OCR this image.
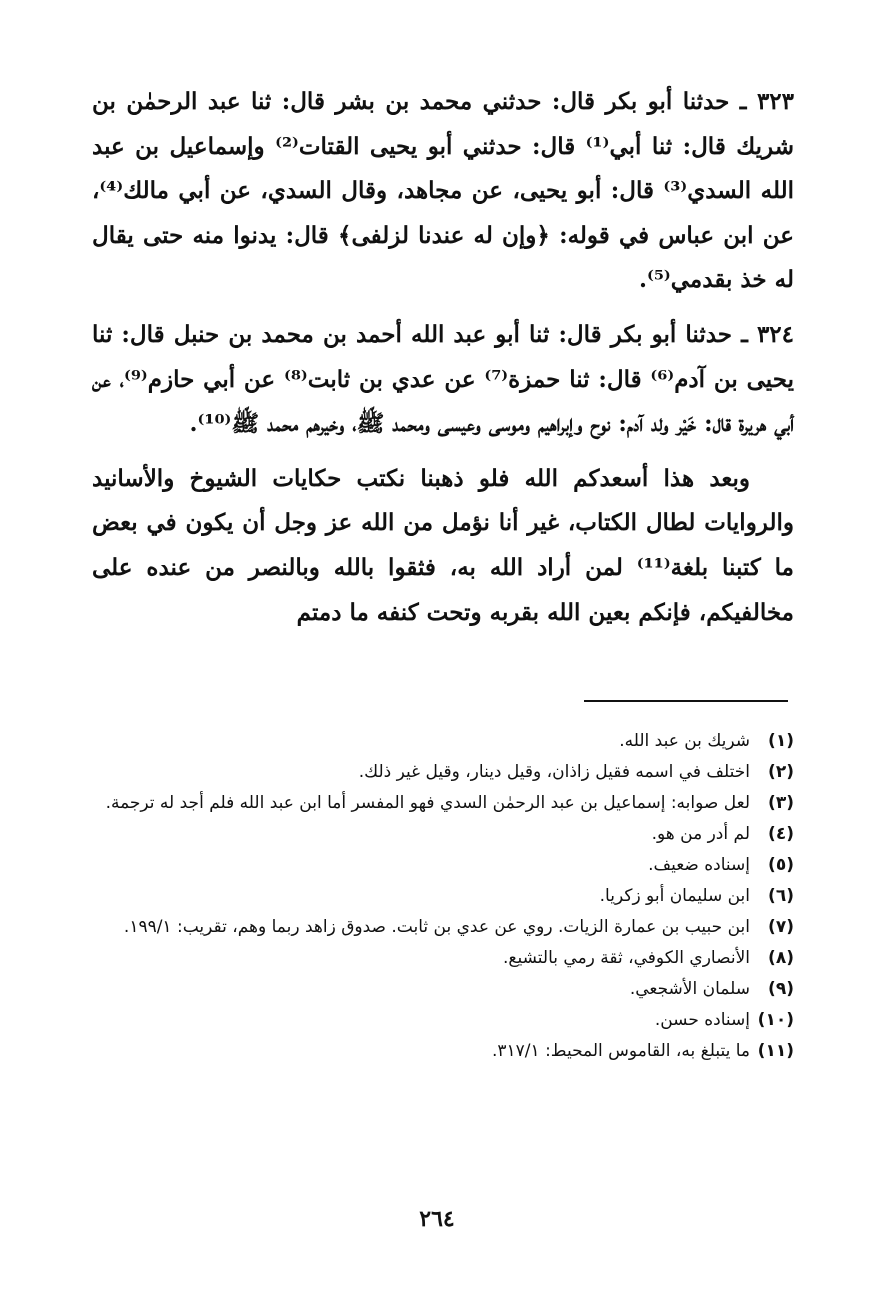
٣٢٣ ـ حدثنا أبو بكر قال: حدثني محمد بن بشر قال: ثنا عبد الرحمٰن بن شريك قال: ثنا أبي⁽¹⁾ قال: حدثني أبو يحيى القتات⁽²⁾ وإسماعيل بن عبد الله السدي⁽³⁾ قال: أبو يحيى، عن مجاهد، وقال السدي، عن أبي مالك⁽⁴⁾، عن ابن عباس في قوله: ﴿وإن له عندنا لزلفى﴾ قال: يدنوا منه حتى يقال له خذ بقدمي⁽⁵⁾.

٣٢٤ ـ حدثنا أبو بكر قال: ثنا أبو عبد الله أحمد بن محمد بن حنبل قال: ثنا يحيى بن آدم⁽⁶⁾ قال: ثنا حمزة⁽⁷⁾ عن عدي بن ثابت⁽⁸⁾ عن أبي حازم⁽⁹⁾، عن أبي هريرة قال: خَيْر ولد آدم: نوح وإبراهيم وموسى وعيسى ومحمد ﷺ، وخيرهم محمد ﷺ⁽¹⁰⁾.

وبعد هذا أسعدكم الله فلو ذهبنا نكتب حكايات الشيوخ والأسانيد والروايات لطال الكتاب، غير أنا نؤمل من الله عز وجل أن يكون في بعض ما كتبنا بلغة⁽¹¹⁾ لمن أراد الله به، فثقوا بالله وبالنصر من عنده على مخالفيكم، فإنكم بعين الله بقربه وتحت كنفه ما دمتم

(١)
شريك بن عبد الله.
(٢)
اختلف في اسمه فقيل زاذان، وقيل دينار، وقيل غير ذلك.
(٣)
لعل صوابه: إسماعيل بن عبد الرحمٰن السدي فهو المفسر أما ابن عبد الله فلم أجد له ترجمة.
(٤)
لم أدر من هو.
(٥)
إسناده ضعيف.
(٦)
ابن سليمان أبو زكريا.
(٧)
ابن حبيب بن عمارة الزيات. روي عن عدي بن ثابت. صدوق زاهد ربما وهم، تقريب: ١٩٩/١.
(٨)
الأنصاري الكوفي، ثقة رمي بالتشيع.
(٩)
سلمان الأشجعي.
(١٠)
إسناده حسن.
(١١)
ما يتبلغ به، القاموس المحيط: ٣١٧/١.
٢٦٤
